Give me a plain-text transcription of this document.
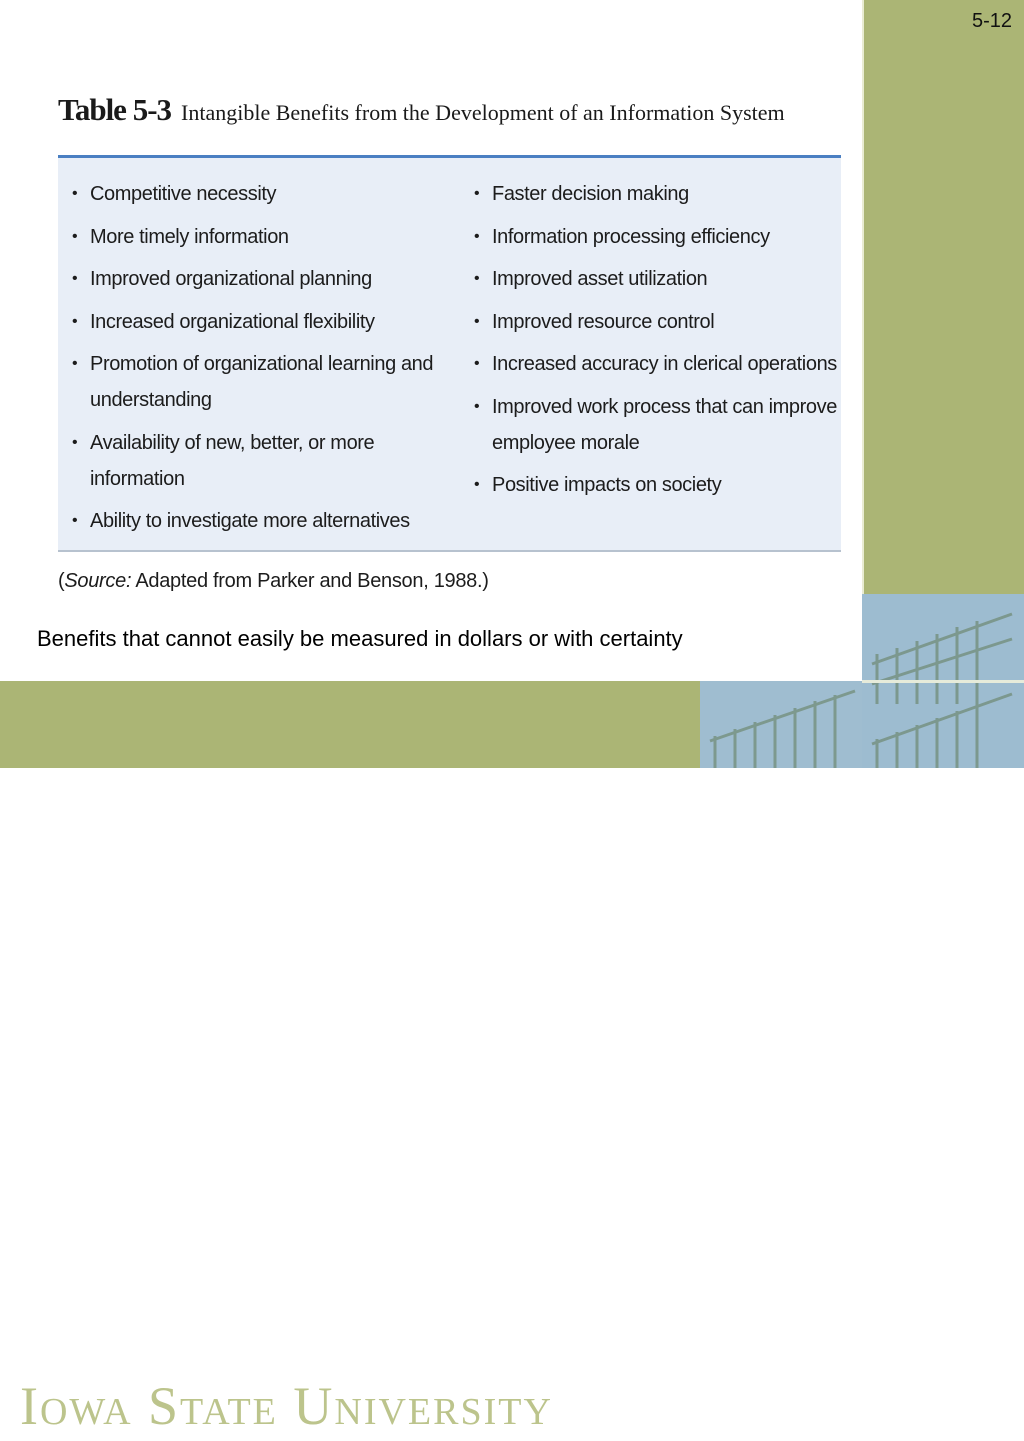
5-12
Iowa State University
Table 5-3 Intangible Benefits from the Development of an Information System
• Competitive necessity
• More timely information
• Improved organizational planning
• Increased organizational flexibility
• Promotion of organizational learning and understanding
• Availability of new, better, or more information
• Ability to investigate more alternatives
• Faster decision making
• Information processing efficiency
• Improved asset utilization
• Improved resource control
• Increased accuracy in clerical operations
• Improved work process that can improve employee morale
• Positive impacts on society
(Source: Adapted from Parker and Benson, 1988.)
Benefits that cannot easily be measured in dollars or with certainty
